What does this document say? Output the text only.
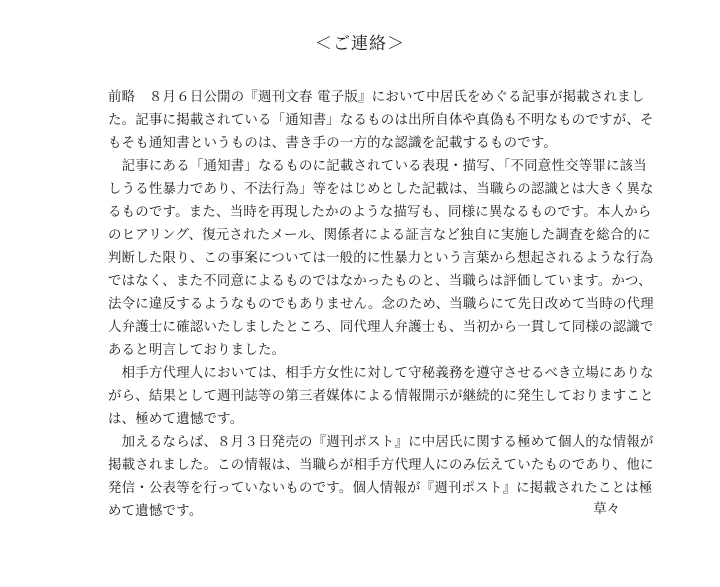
＜ご連絡＞
前略　８月６日公開の『週刊文春 電子版』において中居氏をめぐる記事が掲載されまし
た。記事に掲載されている「通知書」なるものは出所自体や真偽も不明なものですが、そ
もそも通知書というものは、書き手の一方的な認識を記載するものです。
　記事にある「通知書」なるものに記載されている表現・描写、「不同意性交等罪に該当
しうる性暴力であり、不法行為」等をはじめとした記載は、当職らの認識とは大きく異な
るものです。また、当時を再現したかのような描写も、同様に異なるものです。本人から
のヒアリング、復元されたメール、関係者による証言など独自に実施した調査を総合的に
判断した限り、この事案については一般的に性暴力という言葉から想起されるような行為
ではなく、また不同意によるものではなかったものと、当職らは評価しています。かつ、
法令に違反するようなものでもありません。念のため、当職らにて先日改めて当時の代理
人弁護士に確認いたしましたところ、同代理人弁護士も、当初から一貫して同様の認識で
あると明言しておりました。
　相手方代理人においては、相手方女性に対して守秘義務を遵守させるべき立場にありな
がら、結果として週刊誌等の第三者媒体による情報開示が継続的に発生しておりますこと
は、極めて遺憾です。
　加えるならば、８月３日発売の『週刊ポスト』に中居氏に関する極めて個人的な情報が
掲載されました。この情報は、当職らが相手方代理人にのみ伝えていたものであり、他に
発信・公表等を行っていないものです。個人情報が『週刊ポスト』に掲載されたことは極
めて遺憾です。	草々
